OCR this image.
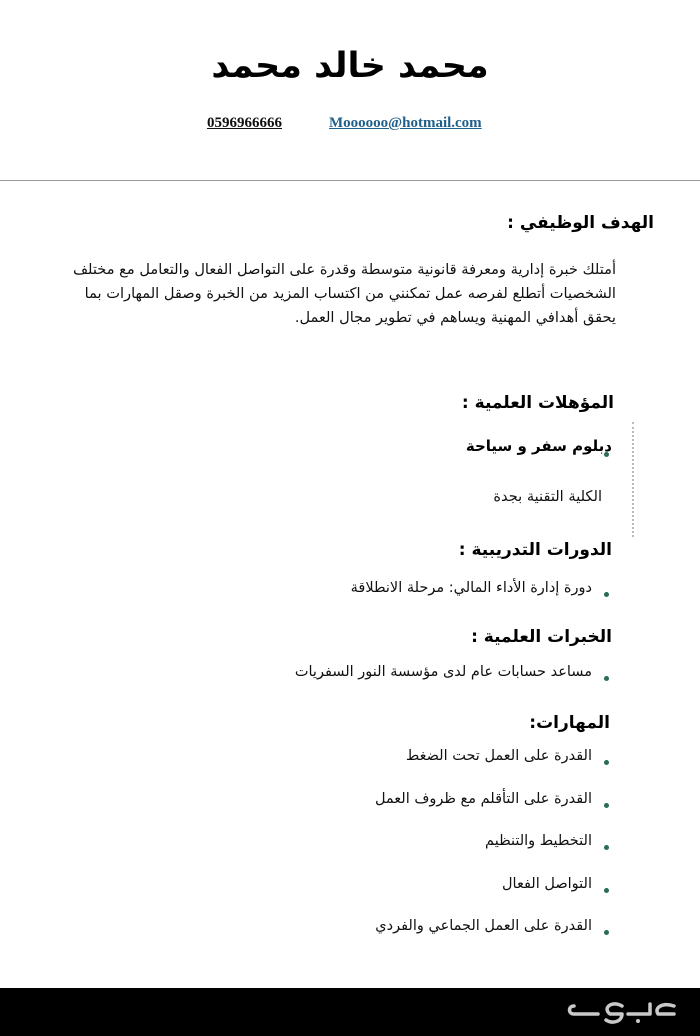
محمد خالد محمد
0596966666	Moooooo@hotmail.com
الهدف الوظيفي :
أمتلك خبرة إدارية ومعرفة قانونية متوسطة وقدرة على التواصل الفعال والتعامل مع مختلف الشخصيات أتطلع لفرصه عمل تمكنني من اكتساب المزيد من الخبرة وصقل المهارات بما يحقق أهدافي المهنية ويساهم في تطوير مجال العمل.
المؤهلات العلمية :
دبلوم سفر و سياحة
الكلية التقنية بجدة
الدورات التدريبية :
دورة إدارة الأداء المالي: مرحلة الانطلاقة
الخبرات العلمية :
مساعد حسابات عام لدى مؤسسة النور السفريات
المهارات:
القدرة على العمل تحت الضغط
القدرة على التأقلم مع ظروف العمل
التخطيط والتنظيم
التواصل الفعال
القدرة على العمل الجماعي والفردي
